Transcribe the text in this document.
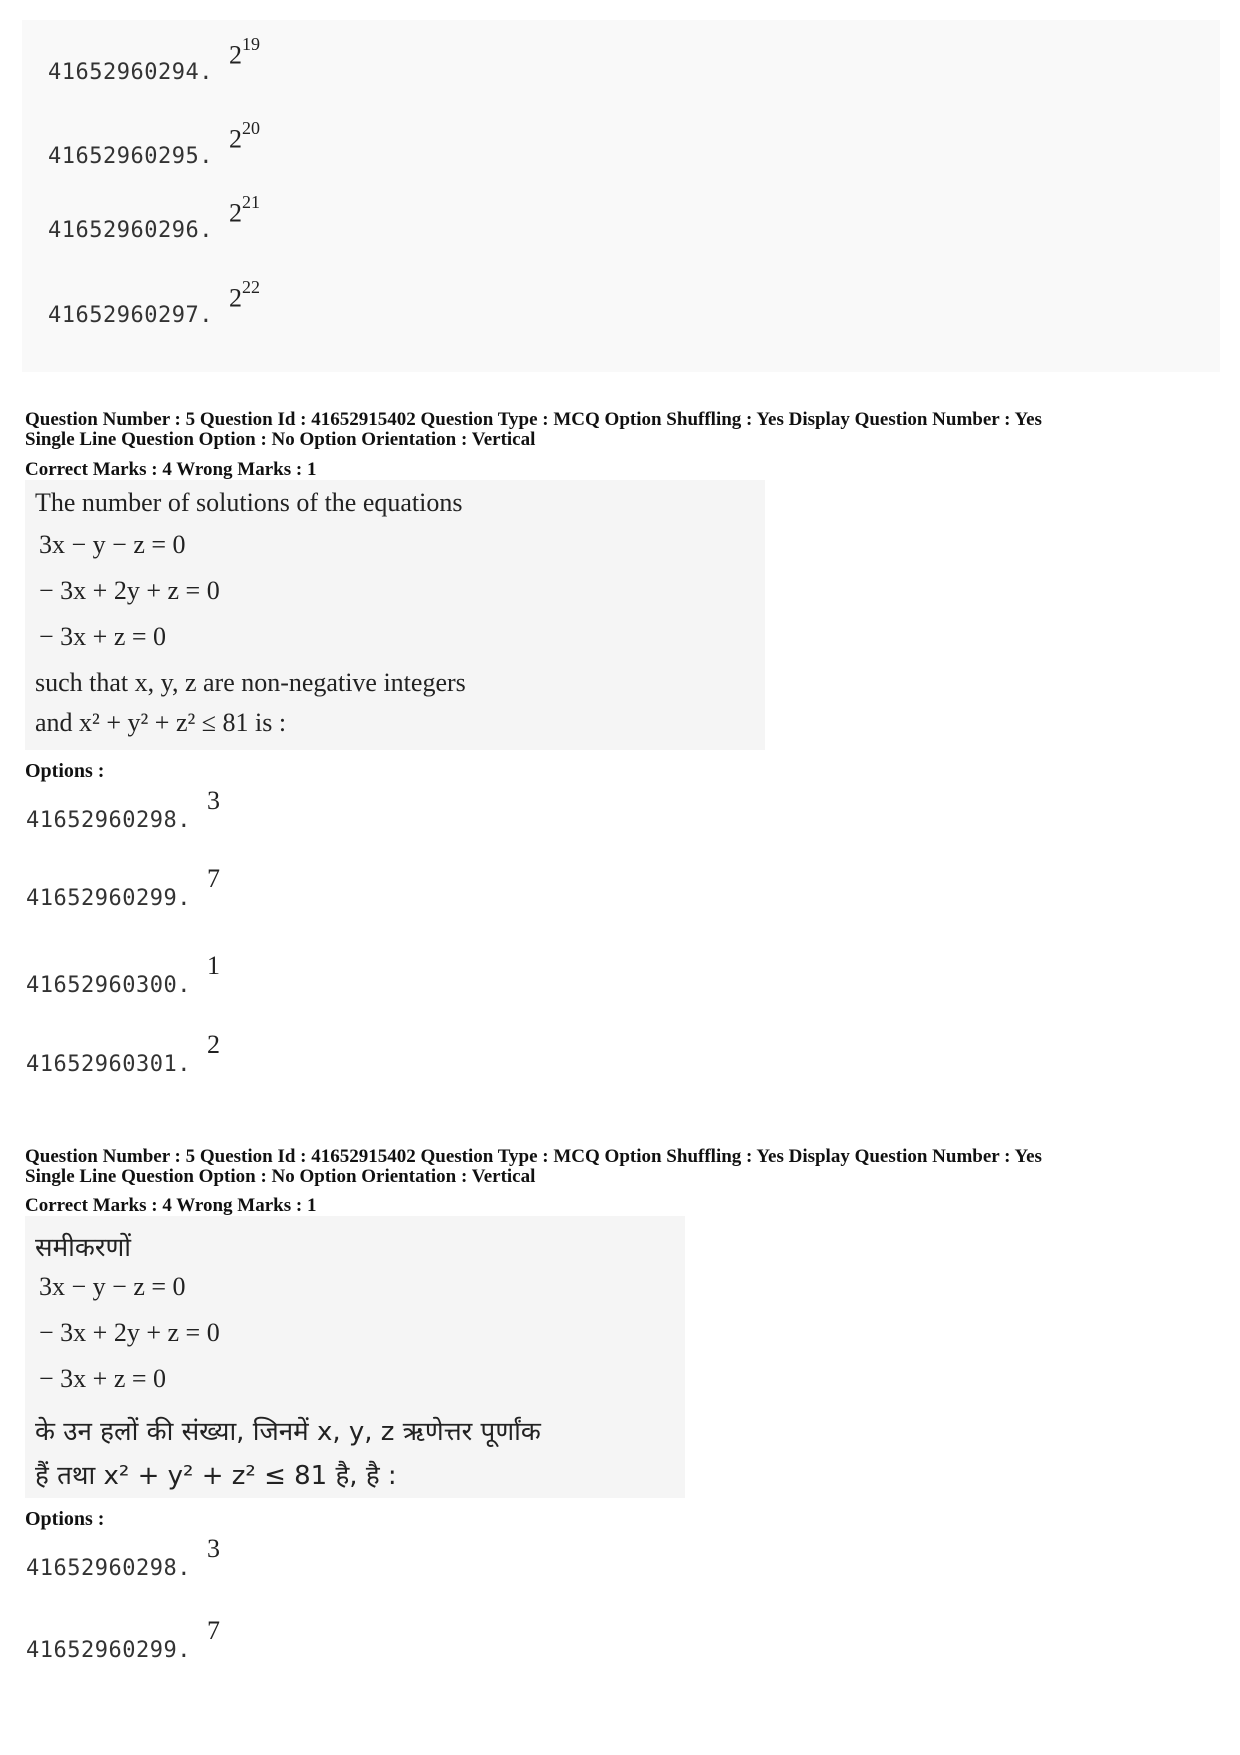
41652960294.
$2^{19}$
41652960295.
$2^{20}$
41652960296.
$2^{21}$
41652960297.
$2^{22}$
Question Number : 5 Question Id : 41652915402 Question Type : MCQ Option Shuffling : Yes Display Question Number : Yes
Single Line Question Option : No Option Orientation : Vertical
Correct Marks : 4 Wrong Marks : 1
The number of solutions of the equations
3x − y − z = 0
− 3x + 2y + z = 0
− 3x + z = 0
such that x, y, z are non-negative integers
and x² + y² + z² ≤ 81 is :
Options :
41652960298.
3
41652960299.
7
41652960300.
1
41652960301.
2
Question Number : 5 Question Id : 41652915402 Question Type : MCQ Option Shuffling : Yes Display Question Number : Yes
Single Line Question Option : No Option Orientation : Vertical
Correct Marks : 4 Wrong Marks : 1
समीकरणों
3x − y − z = 0
− 3x + 2y + z = 0
− 3x + z = 0
के उन हलों की संख्या, जिनमें x, y, z ऋणेत्तर पूर्णांक
हैं तथा x² + y² + z² ≤ 81 है, है :
Options :
41652960298.
3
41652960299.
7
